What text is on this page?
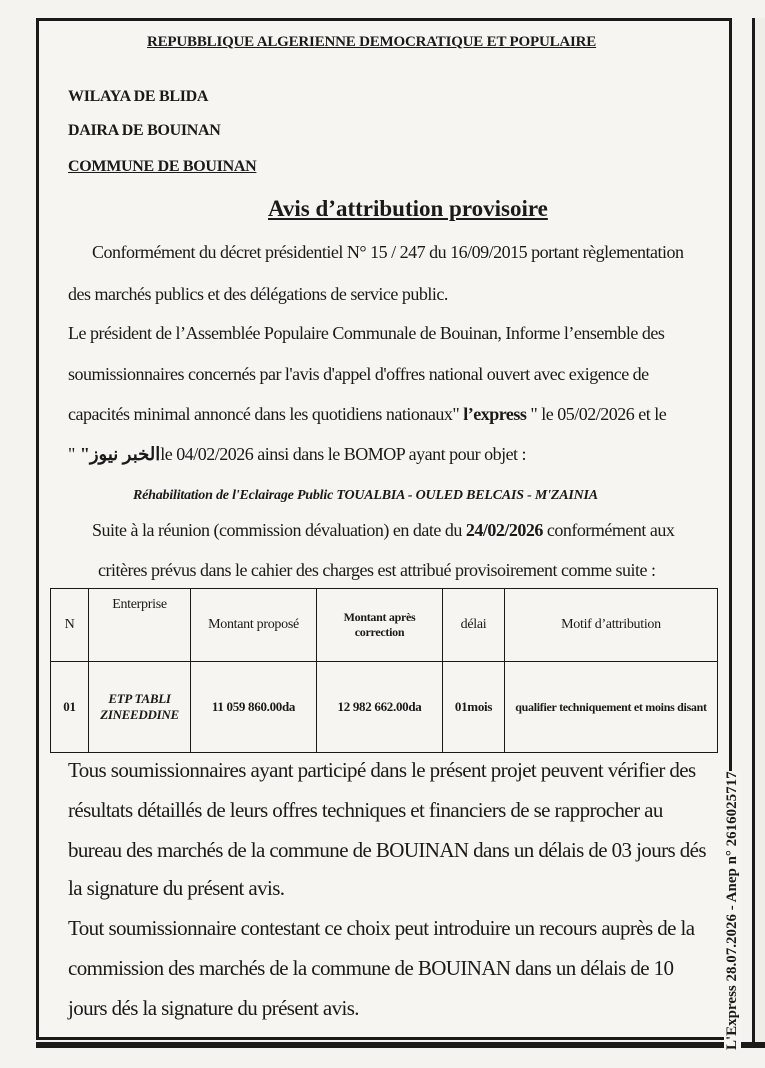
REPUBBLIQUE ALGERIENNE DEMOCRATIQUE ET POPULAIRE
WILAYA DE BLIDA
DAIRA DE BOUINAN
COMMUNE DE BOUINAN
Avis d’attribution provisoire
Conformément du décret présidentiel N° 15 / 247 du 16/09/2015 portant règlementation
des marchés publics et des délégations de service public.
Le président de l’Assemblée Populaire Communale de Bouinan, Informe l’ensemble des
soumissionnaires concernés par l'avis d'appel d'offres national ouvert avec exigence de
capacités minimal annoncé dans les quotidiens nationaux" l’express " le 05/02/2026 et le
" "الخبر نيوزle 04/02/2026 ainsi dans le BOMOP ayant pour objet :
Réhabilitation de l'Eclairage Public TOUALBIA - OULED BELCAIS - M'ZAINIA
Suite à la réunion (commission dévaluation) en date du 24/02/2026 conformément aux
critères prévus dans le cahier des charges est attribué provisoirement comme suite :
N	Enterprise	Montant proposé	Montant après correction	délai	Motif d’attribution
01	ETP TABLI
ZINEEDDINE	11 059 860.00da	12 982 662.00da	01mois	qualifier techniquement et moins disant
Tous soumissionnaires ayant participé dans le présent projet peuvent vérifier des
résultats détaillés de leurs offres techniques et financiers de se rapprocher au
bureau des marchés de la commune de BOUINAN dans un délais de 03 jours dés
la signature du présent avis.
Tout soumissionnaire contestant ce choix peut introduire un recours auprès de la
commission des marchés de la commune de BOUINAN dans un délais de 10
jours dés la signature du présent avis.	L'Express 28.07.2026 - Anep n° 2616025717
